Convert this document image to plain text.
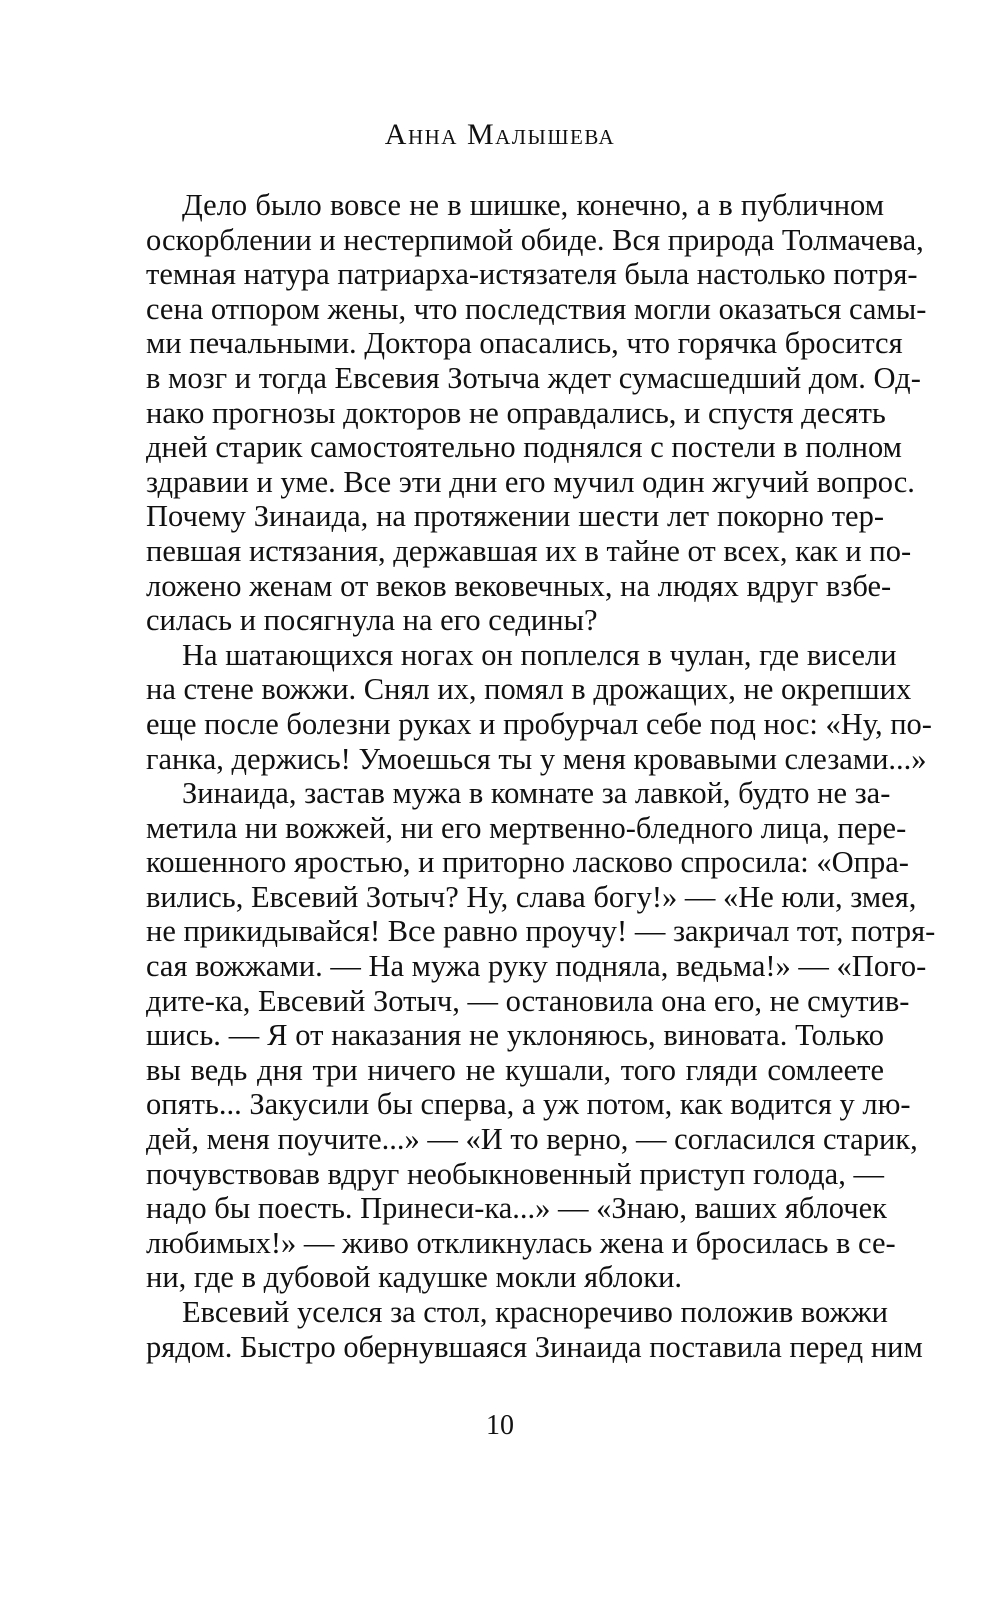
Анна Малышева
Дело было вовсе не в шишке, конечно, а в публичном
оскорблении и нестерпимой обиде. Вся природа Толмачева,
темная натура патриарха-истязателя была настолько потря-
сена отпором жены, что последствия могли оказаться самы-
ми печальными. Доктора опасались, что горячка бросится
в мозг и тогда Евсевия Зотыча ждет сумасшедший дом. Од-
нако прогнозы докторов не оправдались, и спустя десять
дней старик самостоятельно поднялся с постели в полном
здравии и уме. Все эти дни его мучил один жгучий вопрос.
Почему Зинаида, на протяжении шести лет покорно тер-
певшая истязания, державшая их в тайне от всех, как и по-
ложено женам от веков вековечных, на людях вдруг взбе-
силась и посягнула на его седины?
На шатающихся ногах он поплелся в чулан, где висели
на стене вожжи. Снял их, помял в дрожащих, не окрепших
еще после болезни руках и пробурчал себе под нос: «Ну, по-
ганка, держись! Умоешься ты у меня кровавыми слезами...»
Зинаида, застав мужа в комнате за лавкой, будто не за-
метила ни вожжей, ни его мертвенно-бледного лица, пере-
кошенного яростью, и приторно ласково спросила: «Опра-
вились, Евсевий Зотыч? Ну, слава богу!» — «Не юли, змея,
не прикидывайся! Все равно проучу! — закричал тот, потря-
сая вожжами. — На мужа руку подняла, ведьма!» — «Пого-
дите-ка, Евсевий Зотыч, — остановила она его, не смутив-
шись. — Я от наказания не уклоняюсь, виновата. Только
вы ведь дня три ничего не кушали, того гляди сомлеете
опять... Закусили бы сперва, а уж потом, как водится у лю-
дей, меня поучите...» — «И то верно, — согласился старик,
почувствовав вдруг необыкновенный приступ голода, —
надо бы поесть. Принеси-ка...» — «Знаю, ваших яблочек
любимых!» — живо откликнулась жена и бросилась в се-
ни, где в дубовой кадушке мокли яблоки.
Евсевий уселся за стол, красноречиво положив вожжи
рядом. Быстро обернувшаяся Зинаида поставила перед ним
10
